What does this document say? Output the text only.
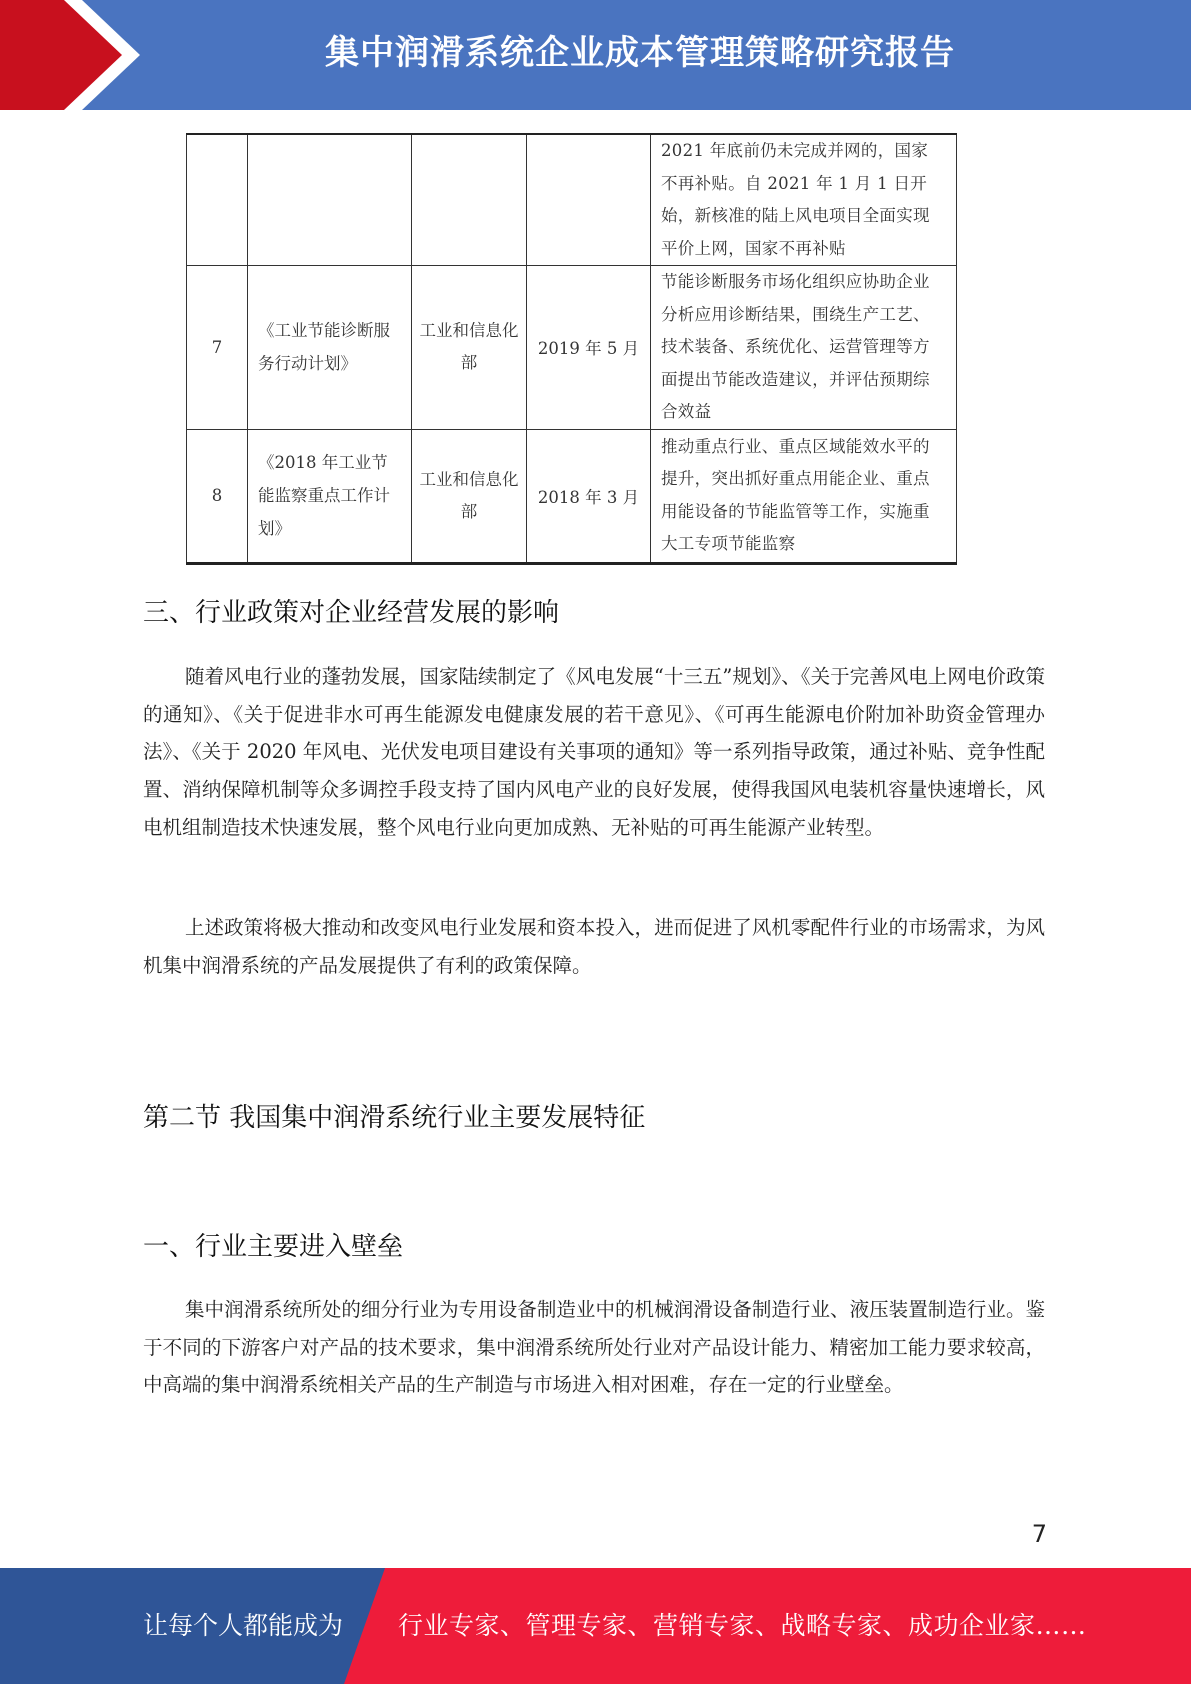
集中润滑系统企业成本管理策略研究报告
				2021 年底前仍未完成并网的，国家不再补贴。自 2021 年 1 月 1 日开始，新核准的陆上风电项目全面实现平价上网，国家不再补贴
7	《工业节能诊断服务行动计划》	工业和信息化部	2019 年 5 月	节能诊断服务市场化组织应协助企业分析应用诊断结果，围绕生产工艺、技术装备、系统优化、运营管理等方面提出节能改造建议，并评估预期综合效益
8	《2018 年工业节能监察重点工作计划》	工业和信息化部	2018 年 3 月	推动重点行业、重点区域能效水平的提升，突出抓好重点用能企业、重点用能设备的节能监管等工作，实施重大工专项节能监察
三、行业政策对企业经营发展的影响

随着风电行业的蓬勃发展，国家陆续制定了《风电发展“十三五”规划》、《关于完善风电上网电价政策的通知》、《关于促进非水可再生能源发电健康发展的若干意见》、《可再生能源电价附加补助资金管理办法》、《关于 2020 年风电、光伏发电项目建设有关事项的通知》等一系列指导政策，通过补贴、竞争性配置、消纳保障机制等众多调控手段支持了国内风电产业的良好发展，使得我国风电装机容量快速增长，风电机组制造技术快速发展，整个风电行业向更加成熟、无补贴的可再生能源产业转型。

上述政策将极大推动和改变风电行业发展和资本投入，进而促进了风机零配件行业的市场需求，为风机集中润滑系统的产品发展提供了有利的政策保障。

第二节 我国集中润滑系统行业主要发展特征
一、行业主要进入壁垒

集中润滑系统所处的细分行业为专用设备制造业中的机械润滑设备制造行业、液压装置制造行业。鉴于不同的下游客户对产品的技术要求，集中润滑系统所处行业对产品设计能力、精密加工能力要求较高，中高端的集中润滑系统相关产品的生产制造与市场进入相对困难，存在一定的行业壁垒。

7
让每个人都能成为 行业专家、管理专家、营销专家、战略专家、成功企业家……
